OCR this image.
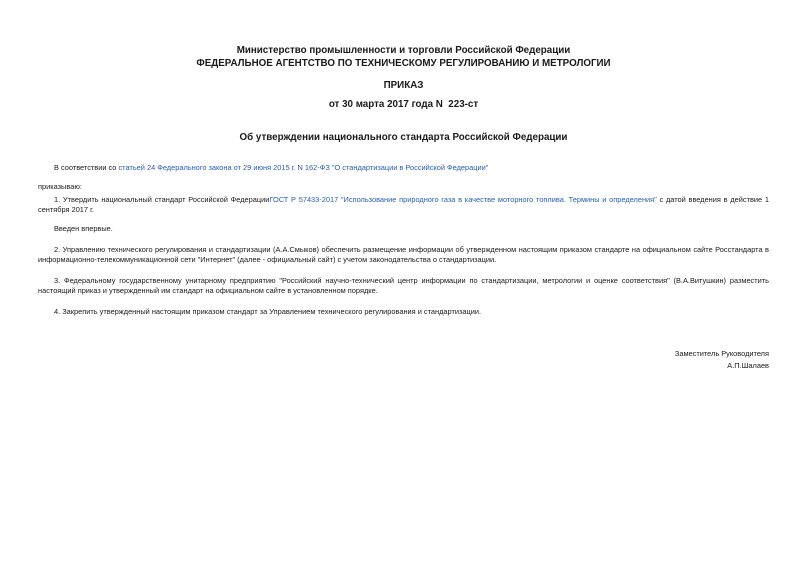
Министерство промышленности и торговли Российской Федерации
ФЕДЕРАЛЬНОЕ АГЕНТСТВО ПО ТЕХНИЧЕСКОМУ РЕГУЛИРОВАНИЮ И МЕТРОЛОГИИ
ПРИКАЗ
от 30 марта 2017 года N  223-ст
Об утверждении национального стандарта Российской Федерации
В соответствии со статьей 24 Федерального закона от 29 июня 2015 г. N 162-ФЗ "О стандартизации в Российской Федерации"
приказываю:
1. Утвердить национальный стандарт Российской ФедерацииГОСТ Р 57433-2017 "Использование природного газа в качестве моторного топлива. Термины и определения" с датой введения в действие 1 сентября 2017 г.
Введен впервые.
2. Управлению технического регулирования и стандартизации (А.А.Смыков) обеспечить размещение информации об утвержденном настоящим приказом стандарте на официальном сайте Росстандарта в информационно-телекоммуникационной сети "Интернет" (далее - официальный сайт) с учетом законодательства о стандартизации.
3. Федеральному государственному унитарному предприятию "Российский научно-технический центр информации по стандартизации, метрологии и оценке соответствия" (В.А.Витушкин) разместить настоящий приказ и утвержденный им стандарт на официальном сайте в установленном порядке.
4. Закрепить утвержденный настоящим приказом стандарт за Управлением технического регулирования и стандартизации.
Заместитель Руководителя
А.П.Шалаев
